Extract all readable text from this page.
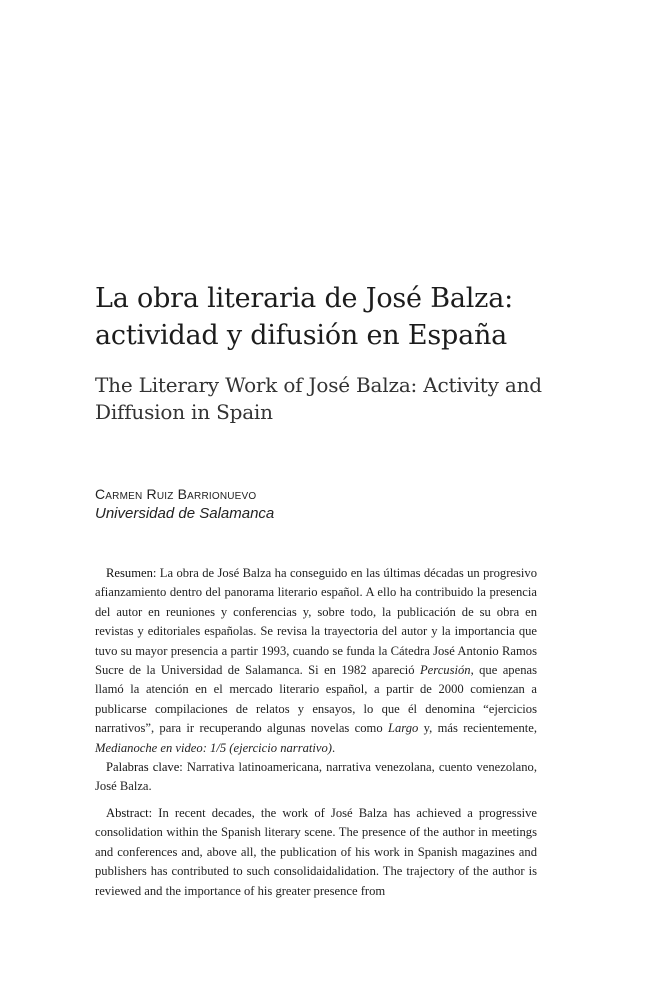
La obra literaria de José Balza: actividad y difusión en España
The Literary Work of José Balza: Activity and Diffusion in Spain

Carmen Ruiz Barrionuevo

Universidad de Salamanca

Resumen: La obra de José Balza ha conseguido en las últimas décadas un progresivo afianzamiento dentro del panorama literario español. A ello ha contribuido la presencia del autor en reuniones y conferencias y, sobre todo, la publicación de su obra en revistas y editoriales españolas. Se revisa la trayectoria del autor y la importancia que tuvo su mayor presencia a partir 1993, cuando se funda la Cátedra José Antonio Ramos Sucre de la Universidad de Salamanca. Si en 1982 apareció Percusión, que apenas llamó la atención en el mercado literario español, a partir de 2000 comienzan a publicarse compilaciones de relatos y ensayos, lo que él denomina “ejercicios narrativos”, para ir recuperando algunas novelas como Largo y, más recientemente, Medianoche en video: 1/5 (ejercicio narrativo).

Palabras clave: Narrativa latinoamericana, narrativa venezolana, cuento venezolano, José Balza.

Abstract: In recent decades, the work of José Balza has achieved a progressive consolidation within the Spanish literary scene. The presence of the author in meetings and conferences and, above all, the publication of his work in Spanish magazines and publishers has contributed to such consolidaidalidation. The trajectory of the author is reviewed and the importance of his greater presence from
